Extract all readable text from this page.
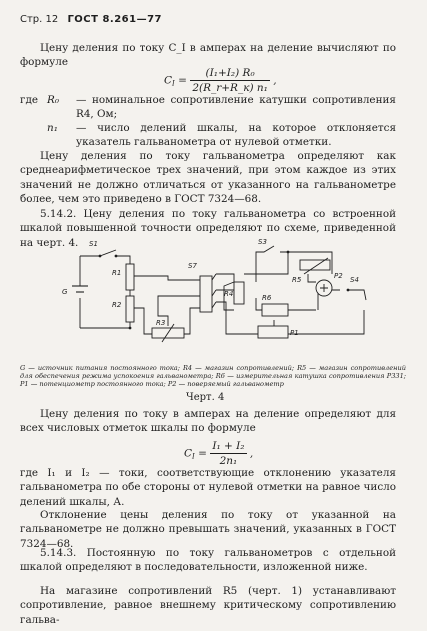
Стр. 12 ГОСТ 8.261—77

Цену деления по току C_I в амперах на деление вычисляют по формуле

$C_I = \frac{\text{(I₁+I₂) R₀}}{\text{2(R\_r+R\_к) n₁}}$ ,
где R₀ — номинальное сопротивление катушки сопротивления R4, Ом;

n₁ — число делений шкалы, на которое отклоняется указатель гальванометра от нулевой отметки.

Цену деления по току гальванометра определяют как среднеарифметическое трех значений, при этом каждое из этих значений не должно отличаться от указанного на гальванометре более, чем это приведено в ГОСТ 7324—68.

5.14.2. Цену деления по току гальванометра со встроенной шкалой повышенной точности определяют по схеме, приведенной на черт. 4.	S1
G
R1
R2
R3
S7
R4
S3
R5
R6
P1
P2 S4

G — источник питания постоянного тока; R4 — магазин сопротивлений; R5 — магазин сопротивлений для обеспечения режима успокоения гальванометра; R6 — измерительная катушка сопротивления Р331; P1 — потенциометр постоянного тока; P2 — поверяемый гальванометр

Черт. 4

Цену деления по току в амперах на деление определяют для всех числовых отметок шкалы по формуле

$C_I = \frac{\text{I₁ + I₂}}{\text{2n₁}}$ ,

где I₁ и I₂ — токи, соответствующие отклонению указателя гальванометра по обе стороны от нулевой отметки на равное число делений шкалы, А.

Отклонение цены деления по току от указанной на гальванометре не должно превышать значений, указанных в ГОСТ 7324—68.

5.14.3. Постоянную по току гальванометров с отдельной шкалой определяют в последовательности, изложенной ниже.

На магазине сопротивлений R5 (черт. 1) устанавливают сопротивление, равное внешнему критическому сопротивлению гальва-
